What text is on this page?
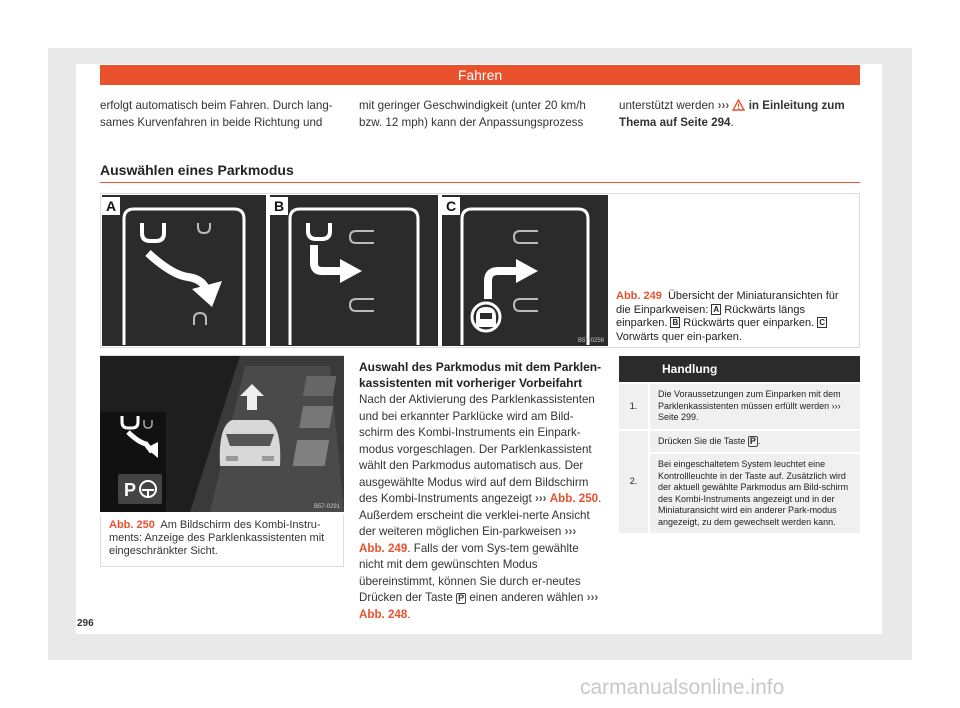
Fahren
erfolgt automatisch beim Fahren. Durch lang-sames Kurvenfahren in beide Richtung und
mit geringer Geschwindigkeit (unter 20 km/h bzw. 12 mph) kann der Anpassungsprozess
unterstützt werden ››› in Einleitung zum Thema auf Seite 294.
Auswählen eines Parkmodus
B57-0256
A	B	C
Abb. 249 Übersicht der Miniaturansichten für die Einparkweisen: A Rückwärts längs einparken. B Rückwärts quer einparken. C Vorwärts quer ein-parken.
P
B57-0291
Abb. 250 Am Bildschirm des Kombi-Instru-ments: Anzeige des Parklenkassistenten mit eingeschränkter Sicht.
Auswahl des Parkmodus mit dem Parklen-kassistenten mit vorheriger Vorbeifahrt
Nach der Aktivierung des Parklenkassistenten und bei erkannter Parklücke wird am Bild-schirm des Kombi-Instruments ein Einpark-modus vorgeschlagen. Der Parklenkassistent wählt den Parkmodus automatisch aus. Der ausgewählte Modus wird auf dem Bildschirm des Kombi-Instruments angezeigt ››› Abb. 250. Außerdem erscheint die verklei-nerte Ansicht der weiteren möglichen Ein-parkweisen ››› Abb. 249. Falls der vom Sys-tem gewählte nicht mit dem gewünschten Modus übereinstimmt, können Sie durch er-neutes Drücken der Taste P einen anderen wählen ››› Abb. 248.
Handlung
1.
Die Voraussetzungen zum Einparken mit dem Parklenkassistenten müssen erfüllt werden ››› Seite 299.
2.
Drücken Sie die Taste P .
Bei eingeschaltetem System leuchtet eine Kontrollleuchte in der Taste auf. Zusätzlich wird der aktuell gewählte Parkmodus am Bild-schirm des Kombi-Instruments angezeigt und in der Miniaturansicht wird ein anderer Park-modus angezeigt, zu dem gewechselt werden kann.
296
carmanualsonline.info
